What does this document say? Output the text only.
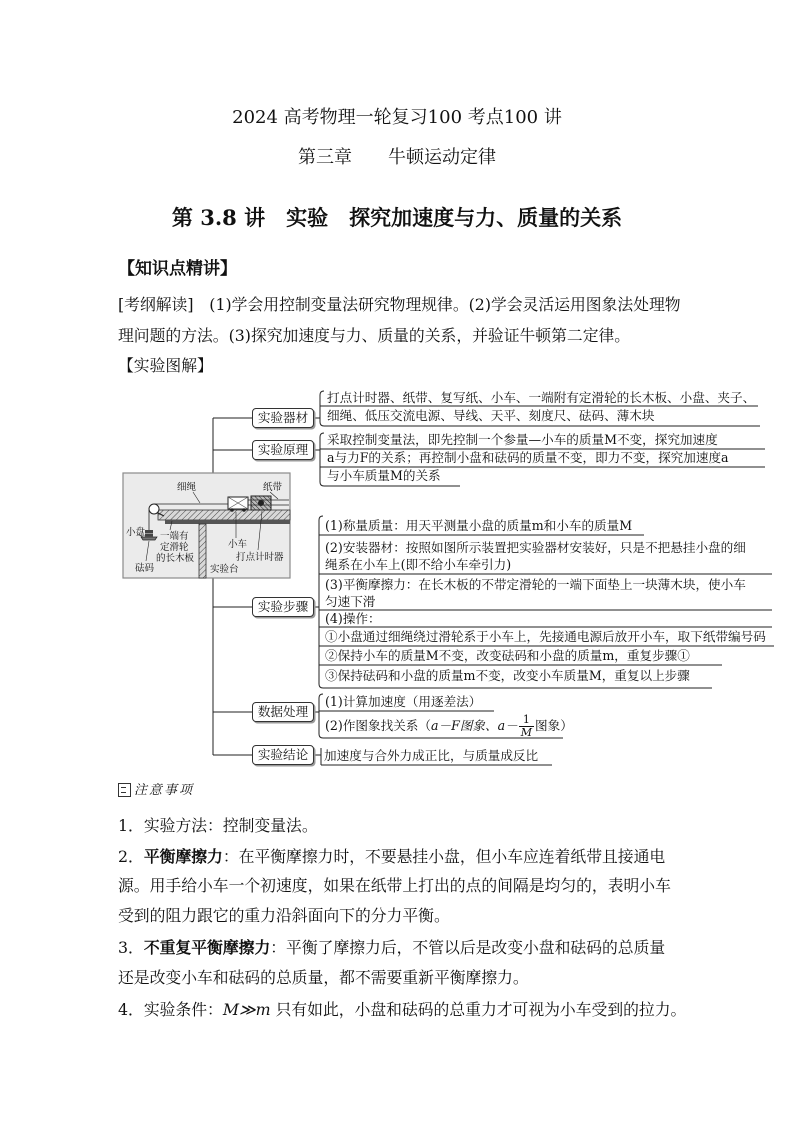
细绳	纸带
小盘 一端有
定滑轮
的长木板
小车
打点计时器
砝码	实验台
2024 高考物理一轮复习100 考点100 讲
第三章 牛顿运动定律
第 3.8 讲　实验　探究加速度与力、质量的关系
【知识点精讲】
[考纲解读]　(1)学会用控制变量法研究物理规律。(2)学会灵活运用图象法处理物
理问题的方法。(3)探究加速度与力、质量的关系，并验证牛顿第二定律。
【实验图解】
实验器材
实验原理
实验步骤
数据处理
实验结论
打点计时器、纸带、复写纸、小车、一端附有定滑轮的长木板、小盘、夹子、
细绳、低压交流电源、导线、天平、刻度尺、砝码、薄木块
采取控制变量法，即先控制一个参量—小车的质量M不变，探究加速度
a与力F的关系；再控制小盘和砝码的质量不变，即力不变，探究加速度a
与小车质量M的关系
(1)称量质量：用天平测量小盘的质量m和小车的质量M
(2)安装器材：按照如图所示装置把实验器材安装好，只是不把悬挂小盘的细
绳系在小车上(即不给小车牵引力)
(3)平衡摩擦力：在长木板的不带定滑轮的一端下面垫上一块薄木块，使小车
匀速下滑
(4)操作：
①小盘通过细绳绕过滑轮系于小车上，先接通电源后放开小车，取下纸带编号码
②保持小车的质量M不变，改变砝码和小盘的质量m，重复步骤①
③保持砝码和小盘的质量m不变，改变小车质量M，重复以上步骤
(1)计算加速度（用逐差法）
(2)作图象找关系（ a－F图象、$a- \frac{1}{M}$ 图象）
加速度与合外力成正比，与质量成反比
注意事项
1．实验方法：控制变量法。
2．平衡摩擦力：在平衡摩擦力时，不要悬挂小盘，但小车应连着纸带且接通电
源。用手给小车一个初速度，如果在纸带上打出的点的间隔是均匀的，表明小车
受到的阻力跟它的重力沿斜面向下的分力平衡。
3．不重复平衡摩擦力：平衡了摩擦力后，不管以后是改变小盘和砝码的总质量
还是改变小车和砝码的总质量，都不需要重新平衡摩擦力。
4．实验条件：M≫m 只有如此，小盘和砝码的总重力才可视为小车受到的拉力。
